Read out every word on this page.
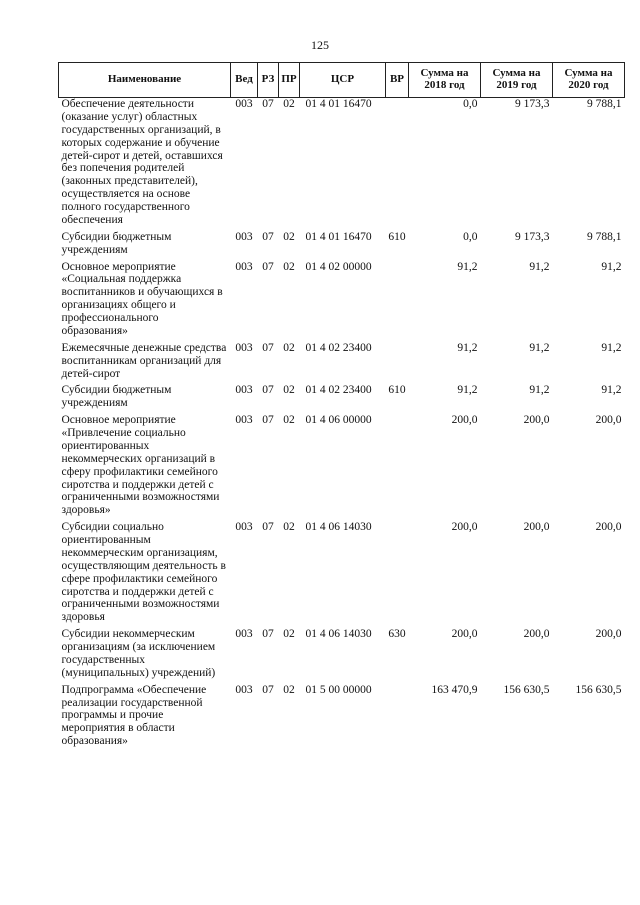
125
Наименование	Вед	РЗ	ПР	ЦСР	ВР	Сумма на 2018 год	Сумма на 2019 год	Сумма на 2020 год
Обеспечение деятельности (оказание услуг) областных государственных организаций, в которых содержание и обучение детей-сирот и детей, оставшихся без попечения родителей (законных представителей), осуществляется на основе полного государственного обеспечения	003	07	02	01 4 01 16470		0,0	9 173,3	9 788,1
Субсидии бюджетным учреждениям	003	07	02	01 4 01 16470	610	0,0	9 173,3	9 788,1
Основное мероприятие «Социальная поддержка воспитанников и обучающихся в организациях общего и профессионального образования»	003	07	02	01 4 02 00000		91,2	91,2	91,2
Ежемесячные денежные средства воспитанникам организаций для детей-сирот	003	07	02	01 4 02 23400		91,2	91,2	91,2
Субсидии бюджетным учреждениям	003	07	02	01 4 02 23400	610	91,2	91,2	91,2
Основное мероприятие «Привлечение социально ориентированных некоммерческих организаций в сферу профилактики семейного сиротства и поддержки детей с ограниченными возможностями здоровья»	003	07	02	01 4 06 00000		200,0	200,0	200,0
Субсидии социально ориентированным некоммерческим организациям, осуществляющим деятельность в сфере профилактики семейного сиротства и поддержки детей с ограниченными возможностями здоровья	003	07	02	01 4 06 14030		200,0	200,0	200,0
Субсидии некоммерческим организациям (за исключением государственных (муниципальных) учреждений)	003	07	02	01 4 06 14030	630	200,0	200,0	200,0
Подпрограмма «Обеспечение реализации государственной программы и прочие мероприятия в области образования»	003	07	02	01 5 00 00000		163 470,9	156 630,5	156 630,5
